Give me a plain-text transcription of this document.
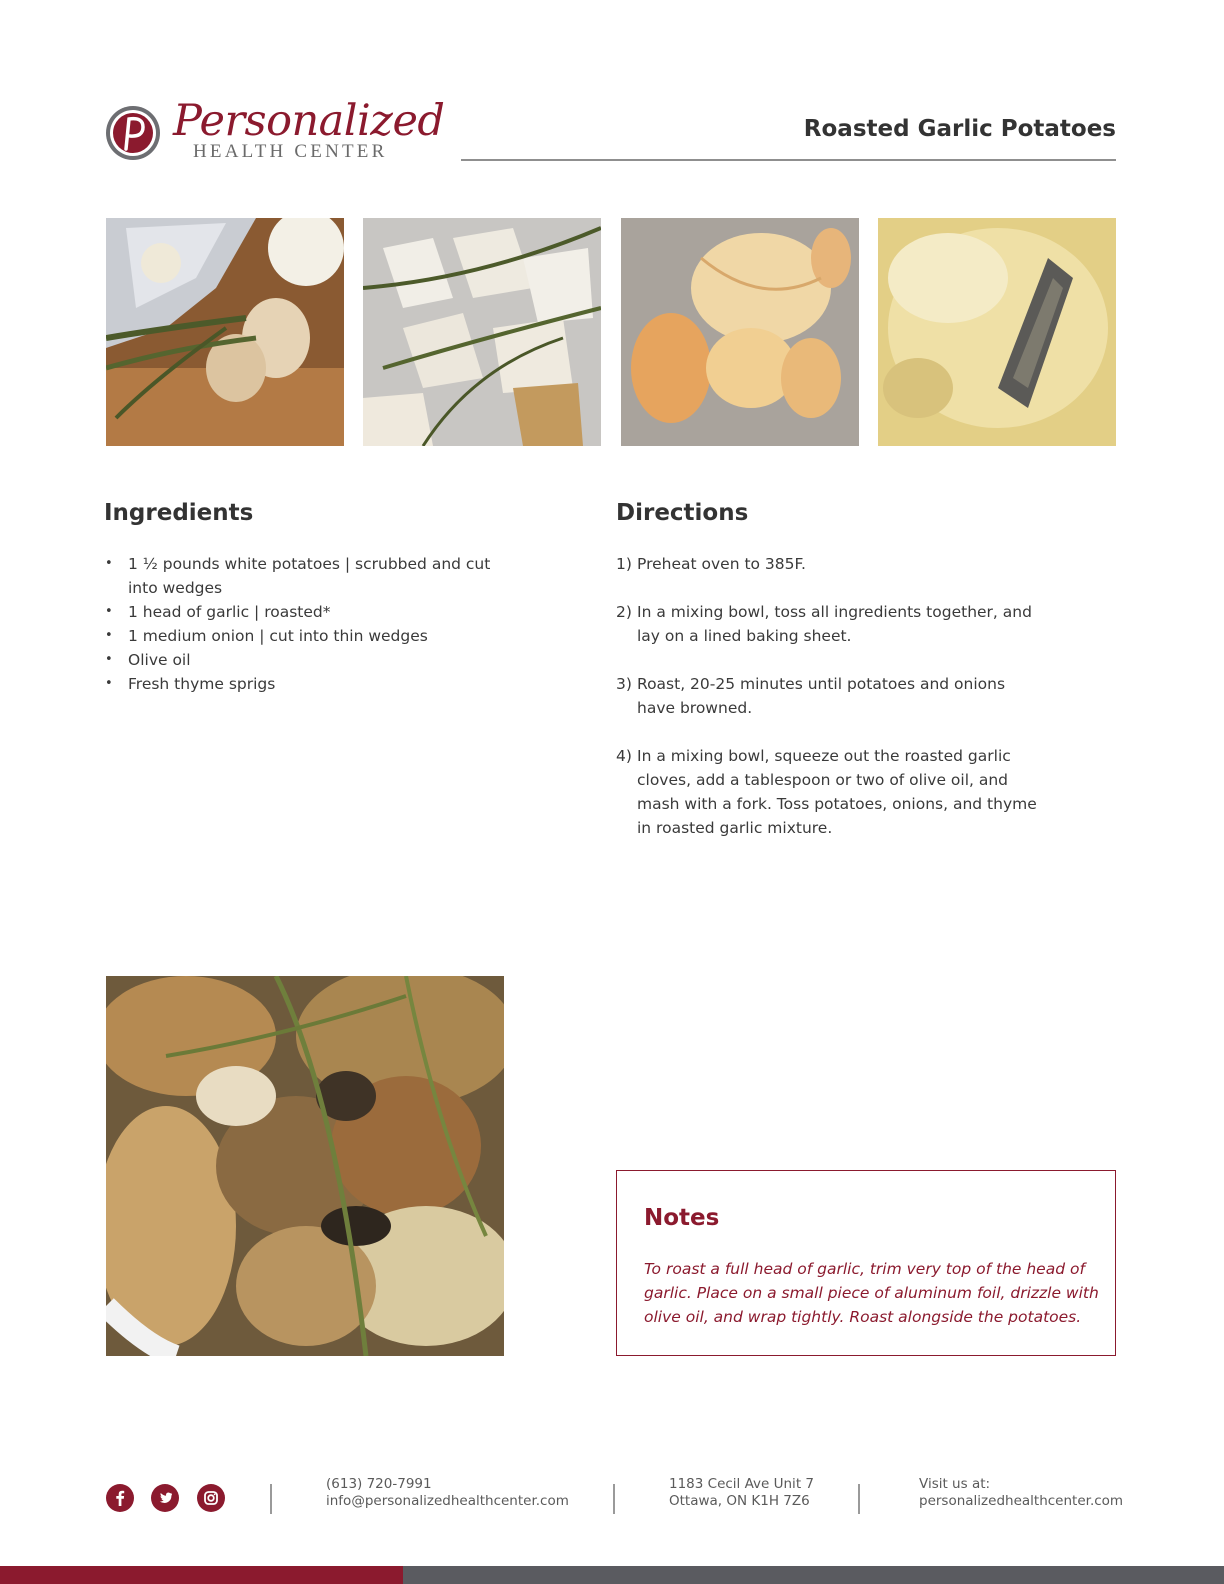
Personalized
HEALTH CENTER
Roasted Garlic Potatoes
Ingredients
• 1 ½ pounds white potatoes | scrubbed and cut into wedges
• 1 head of garlic | roasted*
• 1 medium onion | cut into thin wedges
• Olive oil
• Fresh thyme sprigs
Directions
1) Preheat oven to 385F.
2) In a mixing bowl, toss all ingredients together, and lay on a lined baking sheet.
3) Roast, 20-25 minutes until potatoes and onions have browned.
4) In a mixing bowl, squeeze out the roasted garlic cloves, add a tablespoon or two of olive oil, and mash with a fork. Toss potatoes, onions, and thyme in roasted garlic mixture.
Notes

To roast a full head of garlic, trim very top of the head of garlic. Place on a small piece of aluminum foil, drizzle with olive oil, and wrap tightly. Roast alongside the potatoes.

(613) 720-7991
info@personalizedhealthcenter.com
1183 Cecil Ave Unit 7
Ottawa, ON K1H 7Z6
Visit us at:
personalizedhealthcenter.com
